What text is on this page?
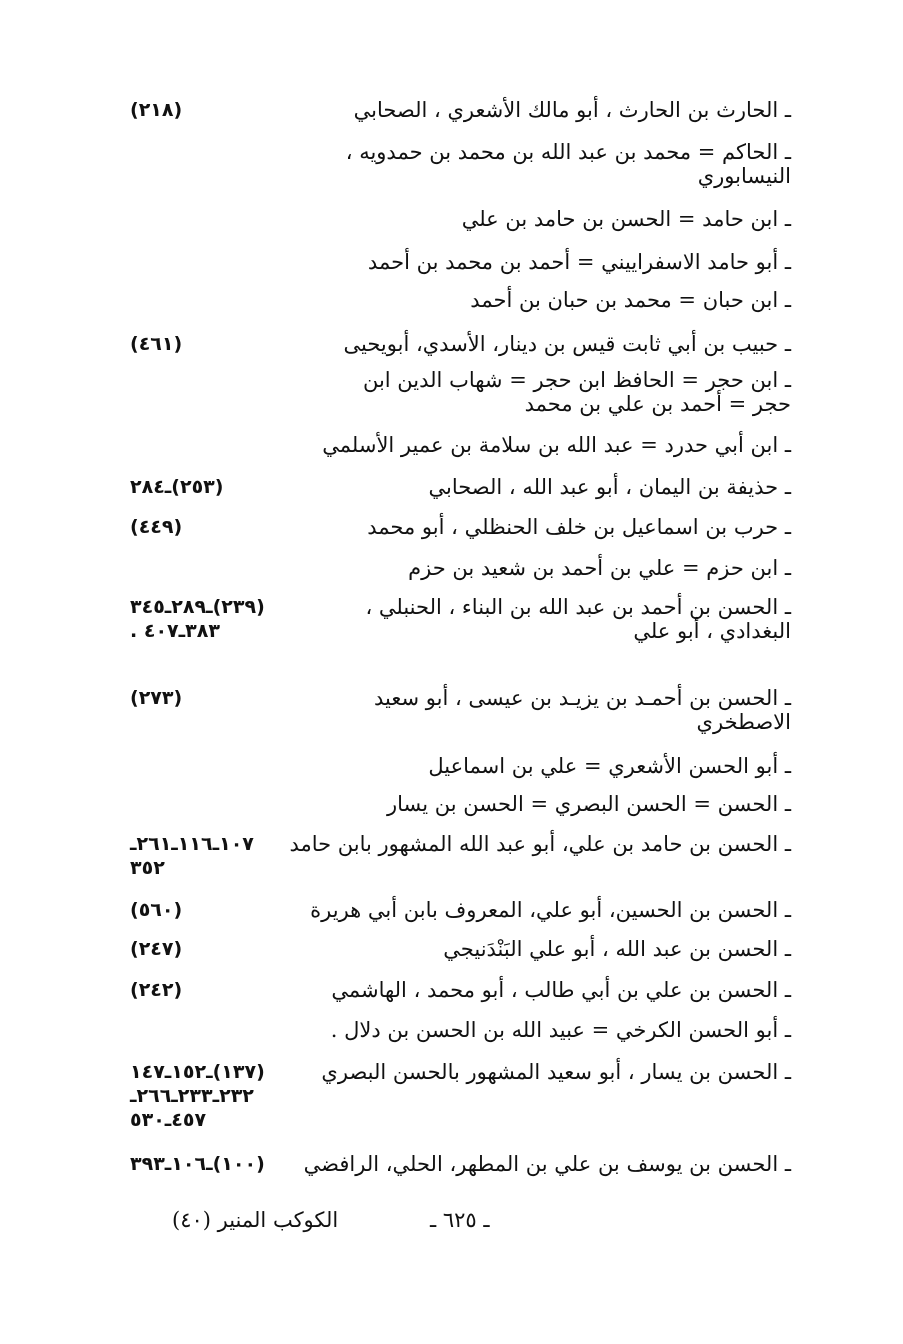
ـ الحارث بن الحارث ، أبو مالك الأشعري ، الصحابي
(٢١٨)
ـ الحاكم = محمد بن عبد الله بن محمد بن حمدويه ،
النيسابوري
ـ ابن حامد = الحسن بن حامد بن علي
ـ أبو حامد الاسفراييني = أحمد بن محمد بن أحمد
ـ ابن حبان = محمد بن حبان بن أحمد
ـ حبيب بن أبي ثابت قيس بن دينار، الأسدي، أبويحيى
(٤٦١)
ـ ابن حجر = الحافظ ابن حجر = شهاب الدين ابن
حجر = أحمد بن علي بن محمد
ـ ابن أبي حدرد = عبد الله بن سلامة بن عمير الأسلمي
ـ حذيفة بن اليمان ، أبو عبد الله ، الصحابي
(٢٥٣)ـ٢٨٤
ـ حرب بن اسماعيل بن خلف الحنظلي ، أبو محمد
(٤٤٩)
ـ ابن حزم = علي بن أحمد بن شعيد بن حزم
ـ الحسن بن أحمد بن عبد الله بن البناء ، الحنبلي ،
البغدادي ، أبو علي
(٢٣٩)ـ٢٨٩ـ٣٤٥
٣٨٣ـ٤٠٧ .
ـ الحسن بن أحمـد بن يزيـد بن عيسى ، أبو سعيد
الاصطخري
(٢٧٣)
ـ أبو الحسن الأشعري = علي بن اسماعيل
ـ الحسن = الحسن البصري = الحسن بن يسار
ـ الحسن بن حامد بن علي، أبو عبد الله المشهور بابن حامد
١٠٧ـ١١٦ـ٢٦١ـ
٣٥٢
ـ الحسن بن الحسين، أبو علي، المعروف بابن أبي هريرة
(٥٦٠)
ـ الحسن بن عبد الله ، أبو علي البَنْدَنيجي
(٢٤٧)
ـ الحسن بن علي بن أبي طالب ، أبو محمد ، الهاشمي
(٢٤٢)
ـ أبو الحسن الكرخي = عبيد الله بن الحسن بن دلال .
ـ الحسن بن يسار ، أبو سعيد المشهور بالحسن البصري
(١٣٧)ـ١٥٢ـ١٤٧
٢٣٢ـ٢٣٣ـ٢٦٦ـ
٤٥٧ـ٥٣٠
ـ الحسن بن يوسف بن علي بن المطهر، الحلي، الرافضي
(١٠٠)ـ١٠٦ـ٣٩٣
ـ ٦٢٥ ـ
الكوكب المنير (٤٠)
